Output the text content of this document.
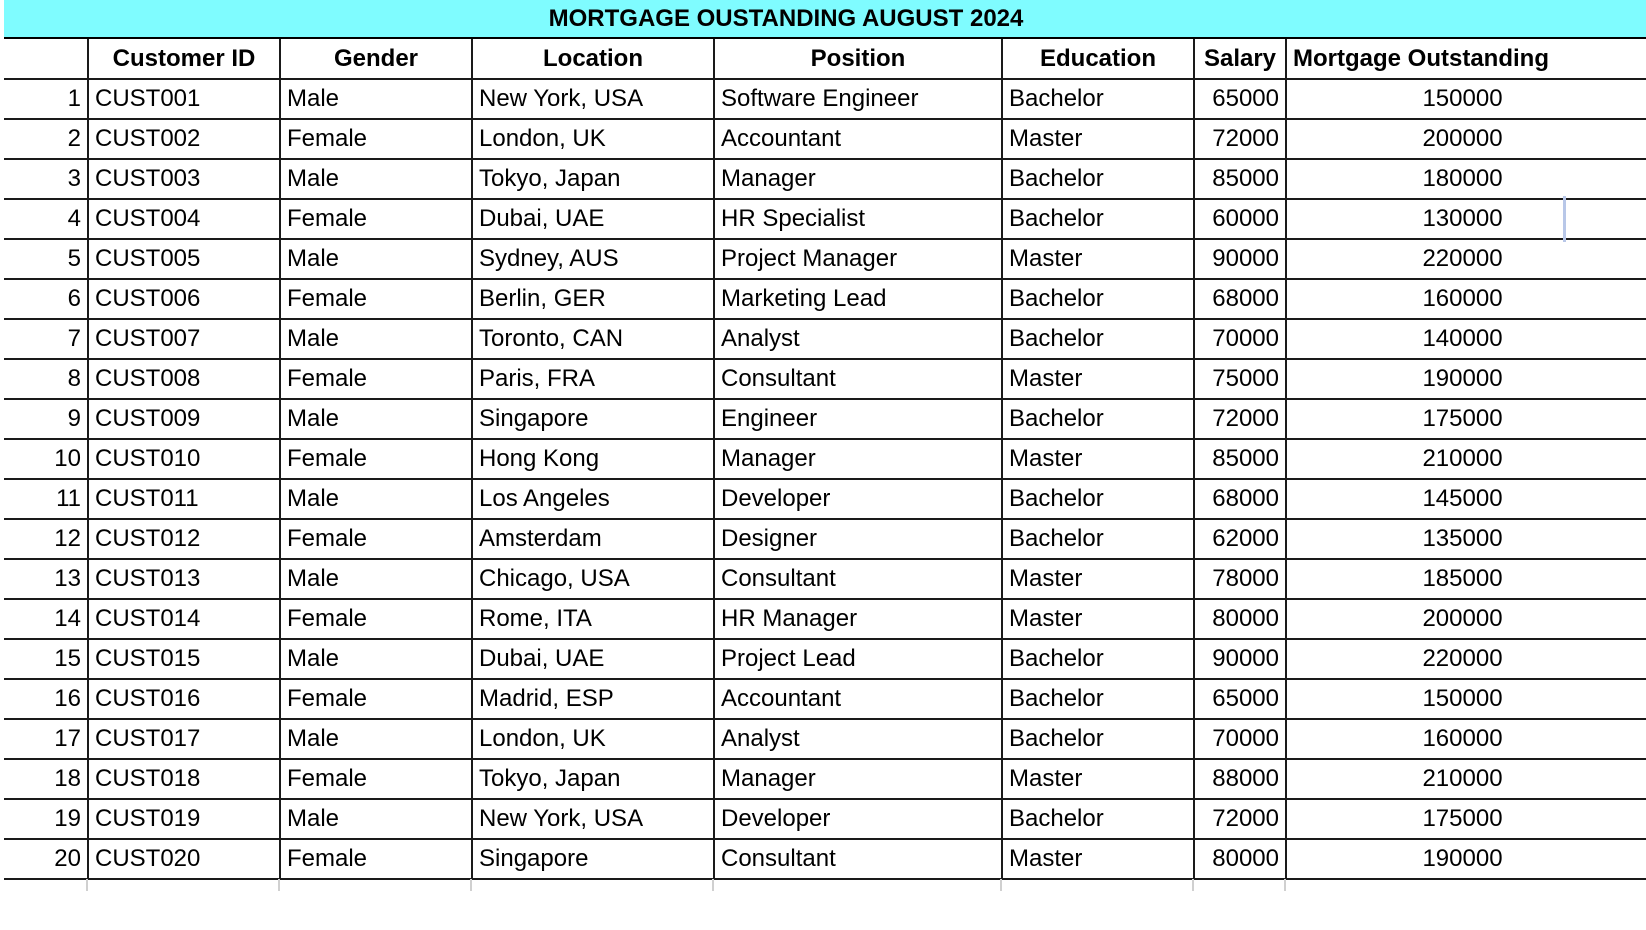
MORTGAGE OUSTANDING AUGUST 2024
	Customer ID	Gender	Location	Position	Education	Salary	Mortgage Outstanding
1	CUST001	Male	New York, USA	Software Engineer	Bachelor	65000	150000
2	CUST002	Female	London, UK	Accountant	Master	72000	200000
3	CUST003	Male	Tokyo, Japan	Manager	Bachelor	85000	180000
4	CUST004	Female	Dubai, UAE	HR Specialist	Bachelor	60000	130000
5	CUST005	Male	Sydney, AUS	Project Manager	Master	90000	220000
6	CUST006	Female	Berlin, GER	Marketing Lead	Bachelor	68000	160000
7	CUST007	Male	Toronto, CAN	Analyst	Bachelor	70000	140000
8	CUST008	Female	Paris, FRA	Consultant	Master	75000	190000
9	CUST009	Male	Singapore	Engineer	Bachelor	72000	175000
10	CUST010	Female	Hong Kong	Manager	Master	85000	210000
11	CUST011	Male	Los Angeles	Developer	Bachelor	68000	145000
12	CUST012	Female	Amsterdam	Designer	Bachelor	62000	135000
13	CUST013	Male	Chicago, USA	Consultant	Master	78000	185000
14	CUST014	Female	Rome, ITA	HR Manager	Master	80000	200000
15	CUST015	Male	Dubai, UAE	Project Lead	Bachelor	90000	220000
16	CUST016	Female	Madrid, ESP	Accountant	Bachelor	65000	150000
17	CUST017	Male	London, UK	Analyst	Bachelor	70000	160000
18	CUST018	Female	Tokyo, Japan	Manager	Master	88000	210000
19	CUST019	Male	New York, USA	Developer	Bachelor	72000	175000
20	CUST020	Female	Singapore	Consultant	Master	80000	190000
